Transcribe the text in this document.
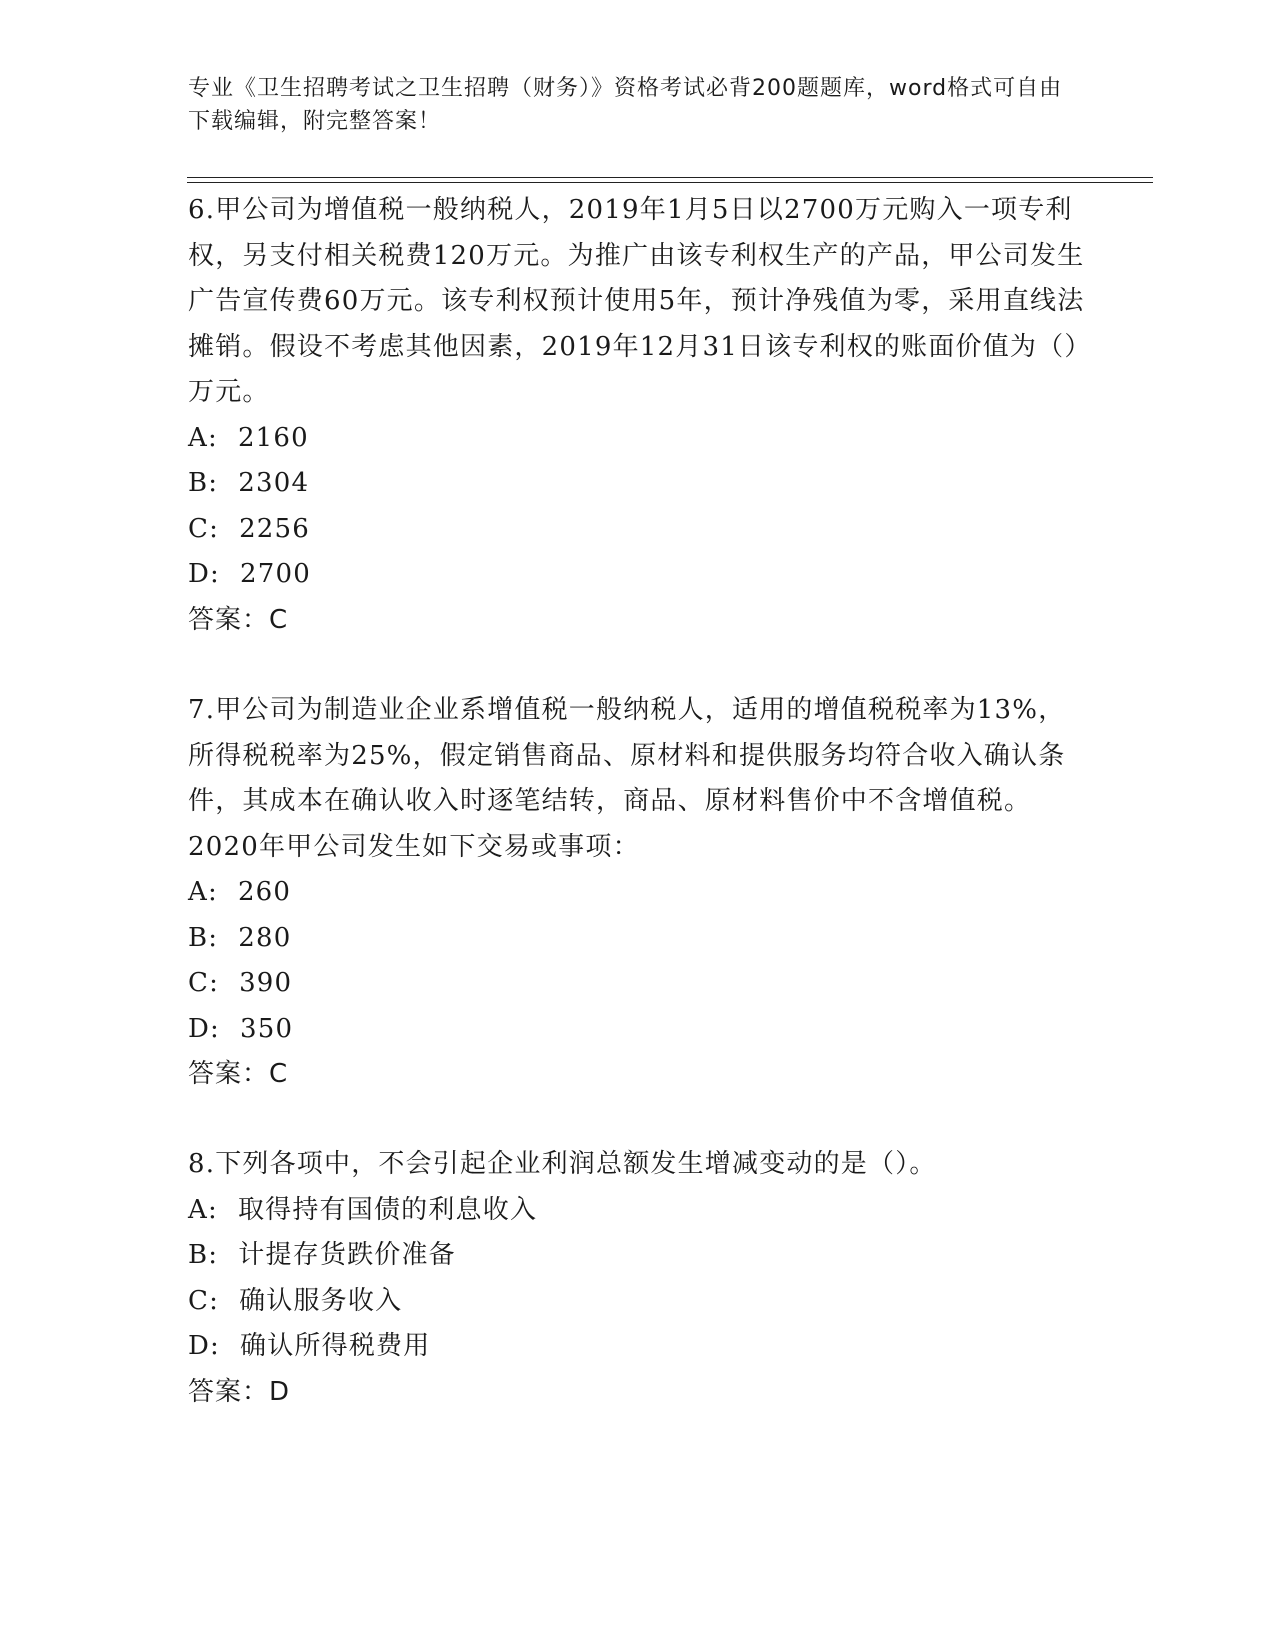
专业《卫生招聘考试之卫生招聘（财务）》资格考试必背200题题库，word格式可自由下载编辑，附完整答案！

6.甲公司为增值税一般纳税人，2019年1月5日以2700万元购入一项专利权，另支付相关税费120万元。为推广由该专利权生产的产品，甲公司发生广告宣传费60万元。该专利权预计使用5年，预计净残值为零，采用直线法摊销。假设不考虑其他因素，2019年12月31日该专利权的账面价值为（）万元。

A: 2160

B: 2304

C: 2256

D: 2700

答案：C

7.甲公司为制造业企业系增值税一般纳税人，适用的增值税税率为13%，所得税税率为25%，假定销售商品、原材料和提供服务均符合收入确认条件，其成本在确认收入时逐笔结转，商品、原材料售价中不含增值税。2020年甲公司发生如下交易或事项：

A: 260

B: 280

C: 390

D: 350

答案：C

8.下列各项中，不会引起企业利润总额发生增减变动的是（）。

A: 取得持有国债的利息收入

B: 计提存货跌价准备

C: 确认服务收入

D: 确认所得税费用

答案：D
